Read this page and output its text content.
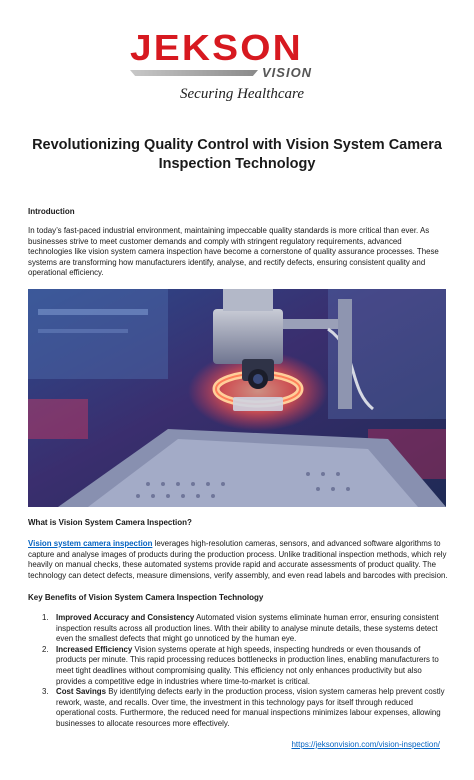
JEKSON
VISION
Securing Healthcare
Revolutionizing Quality Control with Vision System Camera Inspection Technology

Introduction

In today’s fast-paced industrial environment, maintaining impeccable quality standards is more critical than ever. As businesses strive to meet customer demands and comply with stringent regulatory requirements, advanced technologies like vision system camera inspection have become a cornerstone of quality assurance processes. These systems are transforming how manufacturers identify, analyse, and rectify defects, ensuring consistent quality and operational efficiency.

What is Vision System Camera Inspection?

Vision system camera inspection leverages high-resolution cameras, sensors, and advanced software algorithms to capture and analyse images of products during the production process. Unlike traditional inspection methods, which rely heavily on manual checks, these automated systems provide rapid and accurate assessments of product quality. The technology can detect defects, measure dimensions, verify assembly, and even read labels and barcodes with precision.

Key Benefits of Vision System Camera Inspection Technology

1. Improved Accuracy and Consistency Automated vision systems eliminate human error, ensuring consistent inspection results across all production lines. With their ability to analyse minute details, these systems detect even the smallest defects that might go unnoticed by the human eye.
2. Increased Efficiency Vision systems operate at high speeds, inspecting hundreds or even thousands of products per minute. This rapid processing reduces bottlenecks in production lines, enabling manufacturers to meet tight deadlines without compromising quality. This efficiency not only enhances productivity but also provides a competitive edge in industries where time-to-market is critical.
3. Cost Savings By identifying defects early in the production process, vision system cameras help prevent costly rework, waste, and recalls. Over time, the investment in this technology pays for itself through reduced operational costs. Furthermore, the reduced need for manual inspections minimizes labour expenses, allowing businesses to allocate resources more effectively.
https://jeksonvision.com/vision-inspection/
